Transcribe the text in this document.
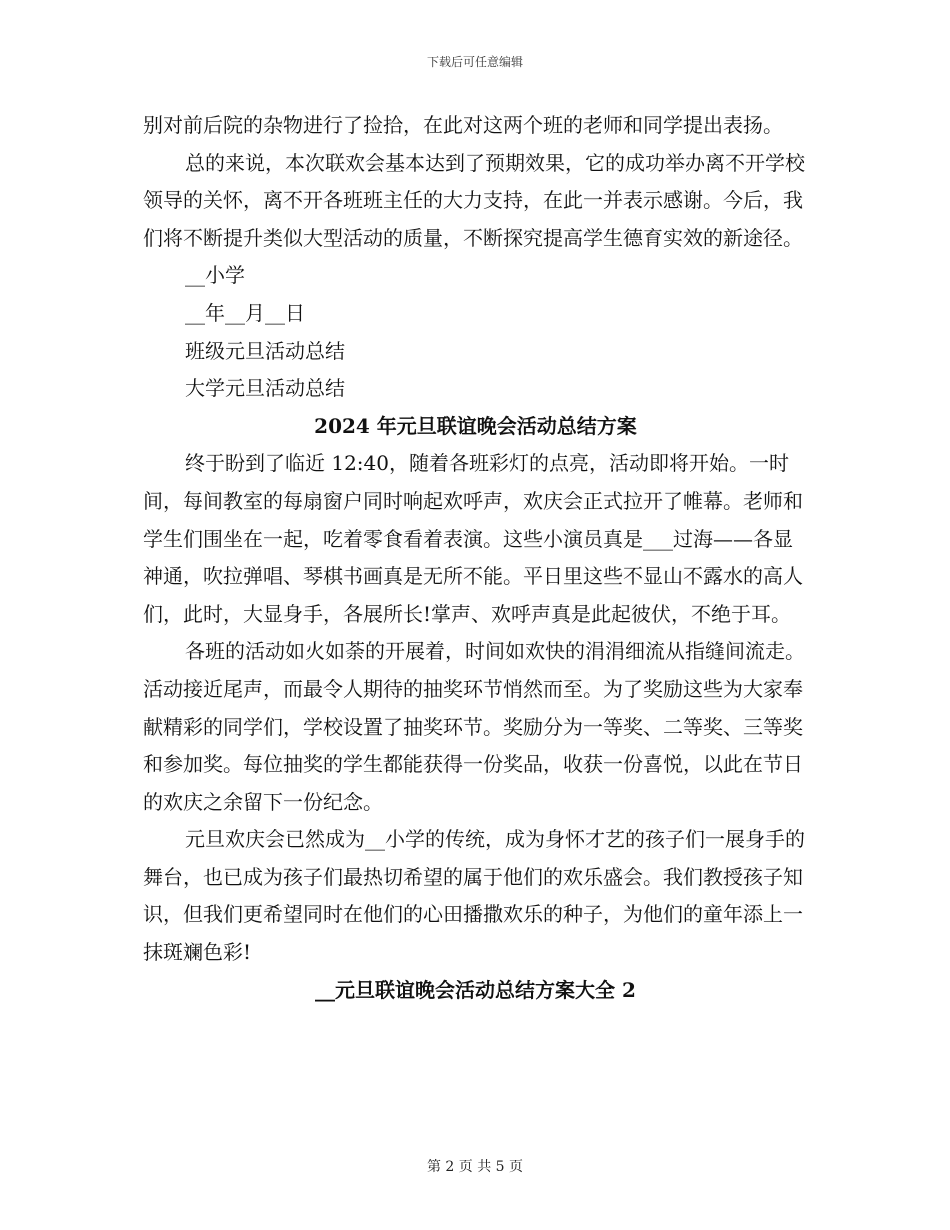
下载后可任意编辑

别对前后院的杂物进行了捡拾，在此对这两个班的老师和同学提出表扬。

总的来说，本次联欢会基本达到了预期效果，它的成功举办离不开学校领导的关怀，离不开各班班主任的大力支持，在此一并表示感谢。今后，我们将不断提升类似大型活动的质量，不断探究提高学生德育实效的新途径。

__小学

__年__月__日

班级元旦活动总结

大学元旦活动总结

2024 年元旦联谊晚会活动总结方案

终于盼到了临近 12:40，随着各班彩灯的点亮，活动即将开始。一时间，每间教室的每扇窗户同时响起欢呼声，欢庆会正式拉开了帷幕。老师和学生们围坐在一起，吃着零食看着表演。这些小演员真是___过海——各显神通，吹拉弹唱、琴棋书画真是无所不能。平日里这些不显山不露水的高人们，此时，大显身手，各展所长!掌声、欢呼声真是此起彼伏，不绝于耳。

各班的活动如火如荼的开展着，时间如欢快的涓涓细流从指缝间流走。活动接近尾声，而最令人期待的抽奖环节悄然而至。为了奖励这些为大家奉献精彩的同学们，学校设置了抽奖环节。奖励分为一等奖、二等奖、三等奖和参加奖。每位抽奖的学生都能获得一份奖品，收获一份喜悦，以此在节日的欢庆之余留下一份纪念。

元旦欢庆会已然成为__小学的传统，成为身怀才艺的孩子们一展身手的舞台，也已成为孩子们最热切希望的属于他们的欢乐盛会。我们教授孩子知识，但我们更希望同时在他们的心田播撒欢乐的种子，为他们的童年添上一抹斑斓色彩!

__元旦联谊晚会活动总结方案大全 2

第 2 页 共 5 页
